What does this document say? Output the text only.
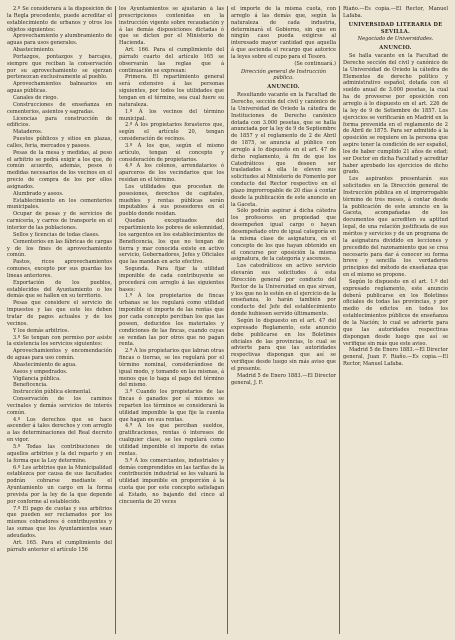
2.º Se considerará á la disposición de la Regla precedente, puede acreditar el establecimiento de urbanos y otros los objetos siguientes:

Aprovechamiento y alumbramiento de aguas para usos generales.

Abastecimiento.

Portazgos, pontazgos y barcajes, siempre que reciban la conservación por su aprovechamiento se ejerzan pertenezcan exclusivamente al pueblo.

Aprovechamientos balnearios en aguas públicas.

Canales de riego.

Construcciones de enseñanza en cementerios, asientos y sagradas.

Licencias para construcción de edificios.

Mataderos.

Puestos públicos y sitios en plazas, calles, feria, mercados y paseos.

Pesas de la mesa y medidas, al peso el arbitrio se podrá exigir a los que, de común acuerdo, además, pesos ó medidas necesarios de los vecinos en el precio de compra de los por ellos asignados.

Alumbrado y aseos.

Establecimiento en los cementerios municipales.

Ocupar de pesas y de servicios de carnicería, y carros de transporte en el interior de las poblaciones.

Sellos y licencias de todas clases.

Cementerios en las fábricas de cargas y de los fines de aprovechamiento común.

Pastos, ricos aprovechamientos comunes, excepto por sus guardas los lineas anteriores.

Exportación de los pueblos, establecidos del Ayuntamiento o los demás que se hallen en su territorio.

Pesas que considere el servicio de impuestos y las que este les deben tratar de pagos actuales y de los vecinos.

Y los demás arbitrios.

3.º Se tengan con permiso por asiste la existencia los servicios siguientes:

Aprovechamientos y encomendación de aguas para uso común.

Abastecimiento de agua.

Aseos y empedrados.

Vigilancia pública.

Beneficencia.

Instrucción pública elemental.

Conservación de los caminos vecinales y demás servicios de interés común.

4.º Los derechos que se hace ascender á tales derechos y con arreglo a las determinaciones del Real decreto en vigor.

5.º Todas las contribuciones de aquellos arbitrios y la del reparto y en la forma que la Ley determine.

6.º Los arbitrios que la Municipalidad establezca por causa de sus facultades podrán cobrarse mediante el Ayuntamiento un cargo en la forma prevista por la ley de la que depende por conforme al establecido.

7.º El pago de cuotas y sus arbitrios que pueden ser reclamados por los mismos cobradores ó contribuyentes y las sumas que los Ayuntamientos sean adeudados.

Art. 165. Para el cumplimiento del párrafo anterior el artículo 156

los Ayuntamientos se ajustarán á las prescripciones contenidas en la instrucción vigente sobre recaudación y á las demás disposiciones dictadas ó que se dicten por el Ministerio de Hacienda.

Art. 166. Para el cumplimiento del párrafo cuarto del artículo 165 se observarán las reglas que á continuación se expresan:

Primera. El repartimiento general será extensivo á las personas siguientes, por todos los utilidades que tengan en el término, sea cual fuere su naturaleza.

1.º Á los vecinos del término municipal.

2.º Á los propietarios forasteros que, según el artículo 20, tengan consideración de vecinos.

3.º Á los que, según el mismo artículo, tengan el concepto y consideración de propietarios.

4.º Á los colonos, arrendatarios ó aparceros de los vecindarios que los residan en el término.

Los utilidades que procedan de posesiones, derechos de capitales, muebles y rentas públicas serán imputables á sus poseedores en el pueblo donde residan.

Quedan exceptuados del repartimiento los pobres de solemnidad, los sargentos en los establecimientos de Beneficencia, los que no tengan de tierra y mar conocida existe en activo servicio, Gobernadores, Jefes y Oficiales que las mandan en acto efectivo.

Segunda. Para fijar la utilidad imponible de cada contribuyente se procederá con arreglo á las siguientes bases:

1.ª Á los propietarios de fincas urbanas se les regulará como utilidad imponible el importe de las rentas que por cada concepto perciban los que las poseen, deducidos los materiales y condiciones de las fincas, cuando cuyas se vendan las por otros que no pagan renta.

2.ª Á los propietarios que labran otras fincas o tierras, se les regulará por el término nominal, considerándose de igual modo, y tomando en las mismas, á menos que lo haga el pago del término del mismo.

3.ª Cuando los propietarios de las fincas ó ganados por sí mismos se reparten los términos se considerará la utilidad imponible la que fije la cuenta que hagan en sus rentas.

4.ª Á los que perciban sueldos, gratificaciones, rentas ó intereses de cualquier clase, se les regulará como utilidad imponible el importe de estas rentas.

5.ª Á los comerciantes, industriales y demás comprendidos en las tarifas de la contribución industrial se les valuará la utilidad imponible en proporción á la cuota que por este concepto satisfagan al Estado, no bajando del cinco al cincuenta de 20 veces

el importe de la misma cuota, con arreglo á las demás que, según la naturaleza de cada industria, determinará el Gobierno, sin que en ningún caso pueda exigirse al interesado mayor cantidad que aquella á que ascienda el recargo que autorice la leyes sobre el cupo para el Tesoro.

(Se continuará.)

Dirección general de Instrucción pública.

ANUNCIO.

Resultando vacante en la Facultad de Derecho, sección del civil y canónico de la Universidad de Oviedo la cátedra de Instituciones de Derecho canónico dotada con 3.000 pesetas, que se halla anunciada por la ley de 9 de Septiembre de 1857 y el reglamento de 2 de Abril de 1875, se anuncia al público con arreglo á lo dispuesto en el art. 47 de dicho reglamento, á fin de que los Catedráticos que deseen ser trasladados á ella le eleven sus solicitudes al Ministerio de Fomento por conducto del Rector respectivo en el plazo improrrogable de 20 días á contar desde la publicación de este anuncio en la Gaceta.

Sólo podrán aspirar á dicha cátedra los profesores en propiedad que desempeñen igual cargo o hayan desempeñado otro de igual categoría en la misma clase de asignatura, en el concepto de los que hayan obtenido en el concurso por oposición la misma asignatura, de la categoría y ascensos.

Los catedráticos en activo servicio elevarán sus solicitudes á esta Dirección general por conducto del Rector de la Universidad en que sirvan, y los que no lo estén en el ejercicio de la enseñanza, lo harán también por conducto del Jefe del establecimiento donde hubiesen servido últimamente.

Según lo dispuesto en el art. 47 del expresado Reglamento, este anuncio debe publicarse en los Boletines oficiales de las provincias, lo cual se advierte para que las autoridades respectivas dispongan que así se verifique desde luego sin más aviso que el presente.

Madrid 5 de Enero 1883.—El Director general, J. F.

Riaño.—Es copia.—El Rector, Manuel Lafaba.

UNIVERSIDAD LITERARIA DE SEVILLA.

Negociado de Universidades.

ANUNCIO.

Se halla vacante en la Facultad de Derecho sección del civil y canónico de la Universidad de Oviedo la cátedra de Elementos de derecho político y administrativo español, dotada con el sueldo anual de 3.000 pesetas, la cual ha de proveerse por oposición con arreglo á lo dispuesto en el art. 226 de la ley de 9 de Setiembre de 1857. Los ejercicios se verificarán en Madrid en la forma prevenida en el reglamento de 2 de Abril de 1875. Para ser admitido á la oposición se requiere en la persona que aspire tener la condición de ser español, los de haber cumplido 21 años de edad; ser Doctor en dicha Facultad y acreditar haber aprobado los ejercicios de dicho grado.

Los aspirantes presentarán sus solicitudes en la Dirección general de Instrucción pública en el improrrogable término de tres meses, á contar desde la publicación de este anuncio en la Gaceta, acompañadas de los documentos que acrediten su aptitud legal, de una relación justificada de sus méritos y servicios y de un programa de la asignatura dividido en lecciones y precedido del razonamiento que se crea necesario para dar á conocer su forma breve y sencilla los verdaderos principios del método de enseñanza que en el mismo se propone.

Según lo dispuesto en el art. 1.º del expresado reglamento, este anuncio deberá publicarse en los Boletines oficiales de todas las provincias, y por medio de edictos en todos los establecimientos públicos de enseñanza de la Nación; lo cual se advierte para que las autoridades respectivas dispongan desde luego que así se verifique sin más que este aviso.

Madrid 5 de Enero 1883.—El Director general, Juan F. Riaño.—Es copia.—El Rector, Manuel Lafaba.
